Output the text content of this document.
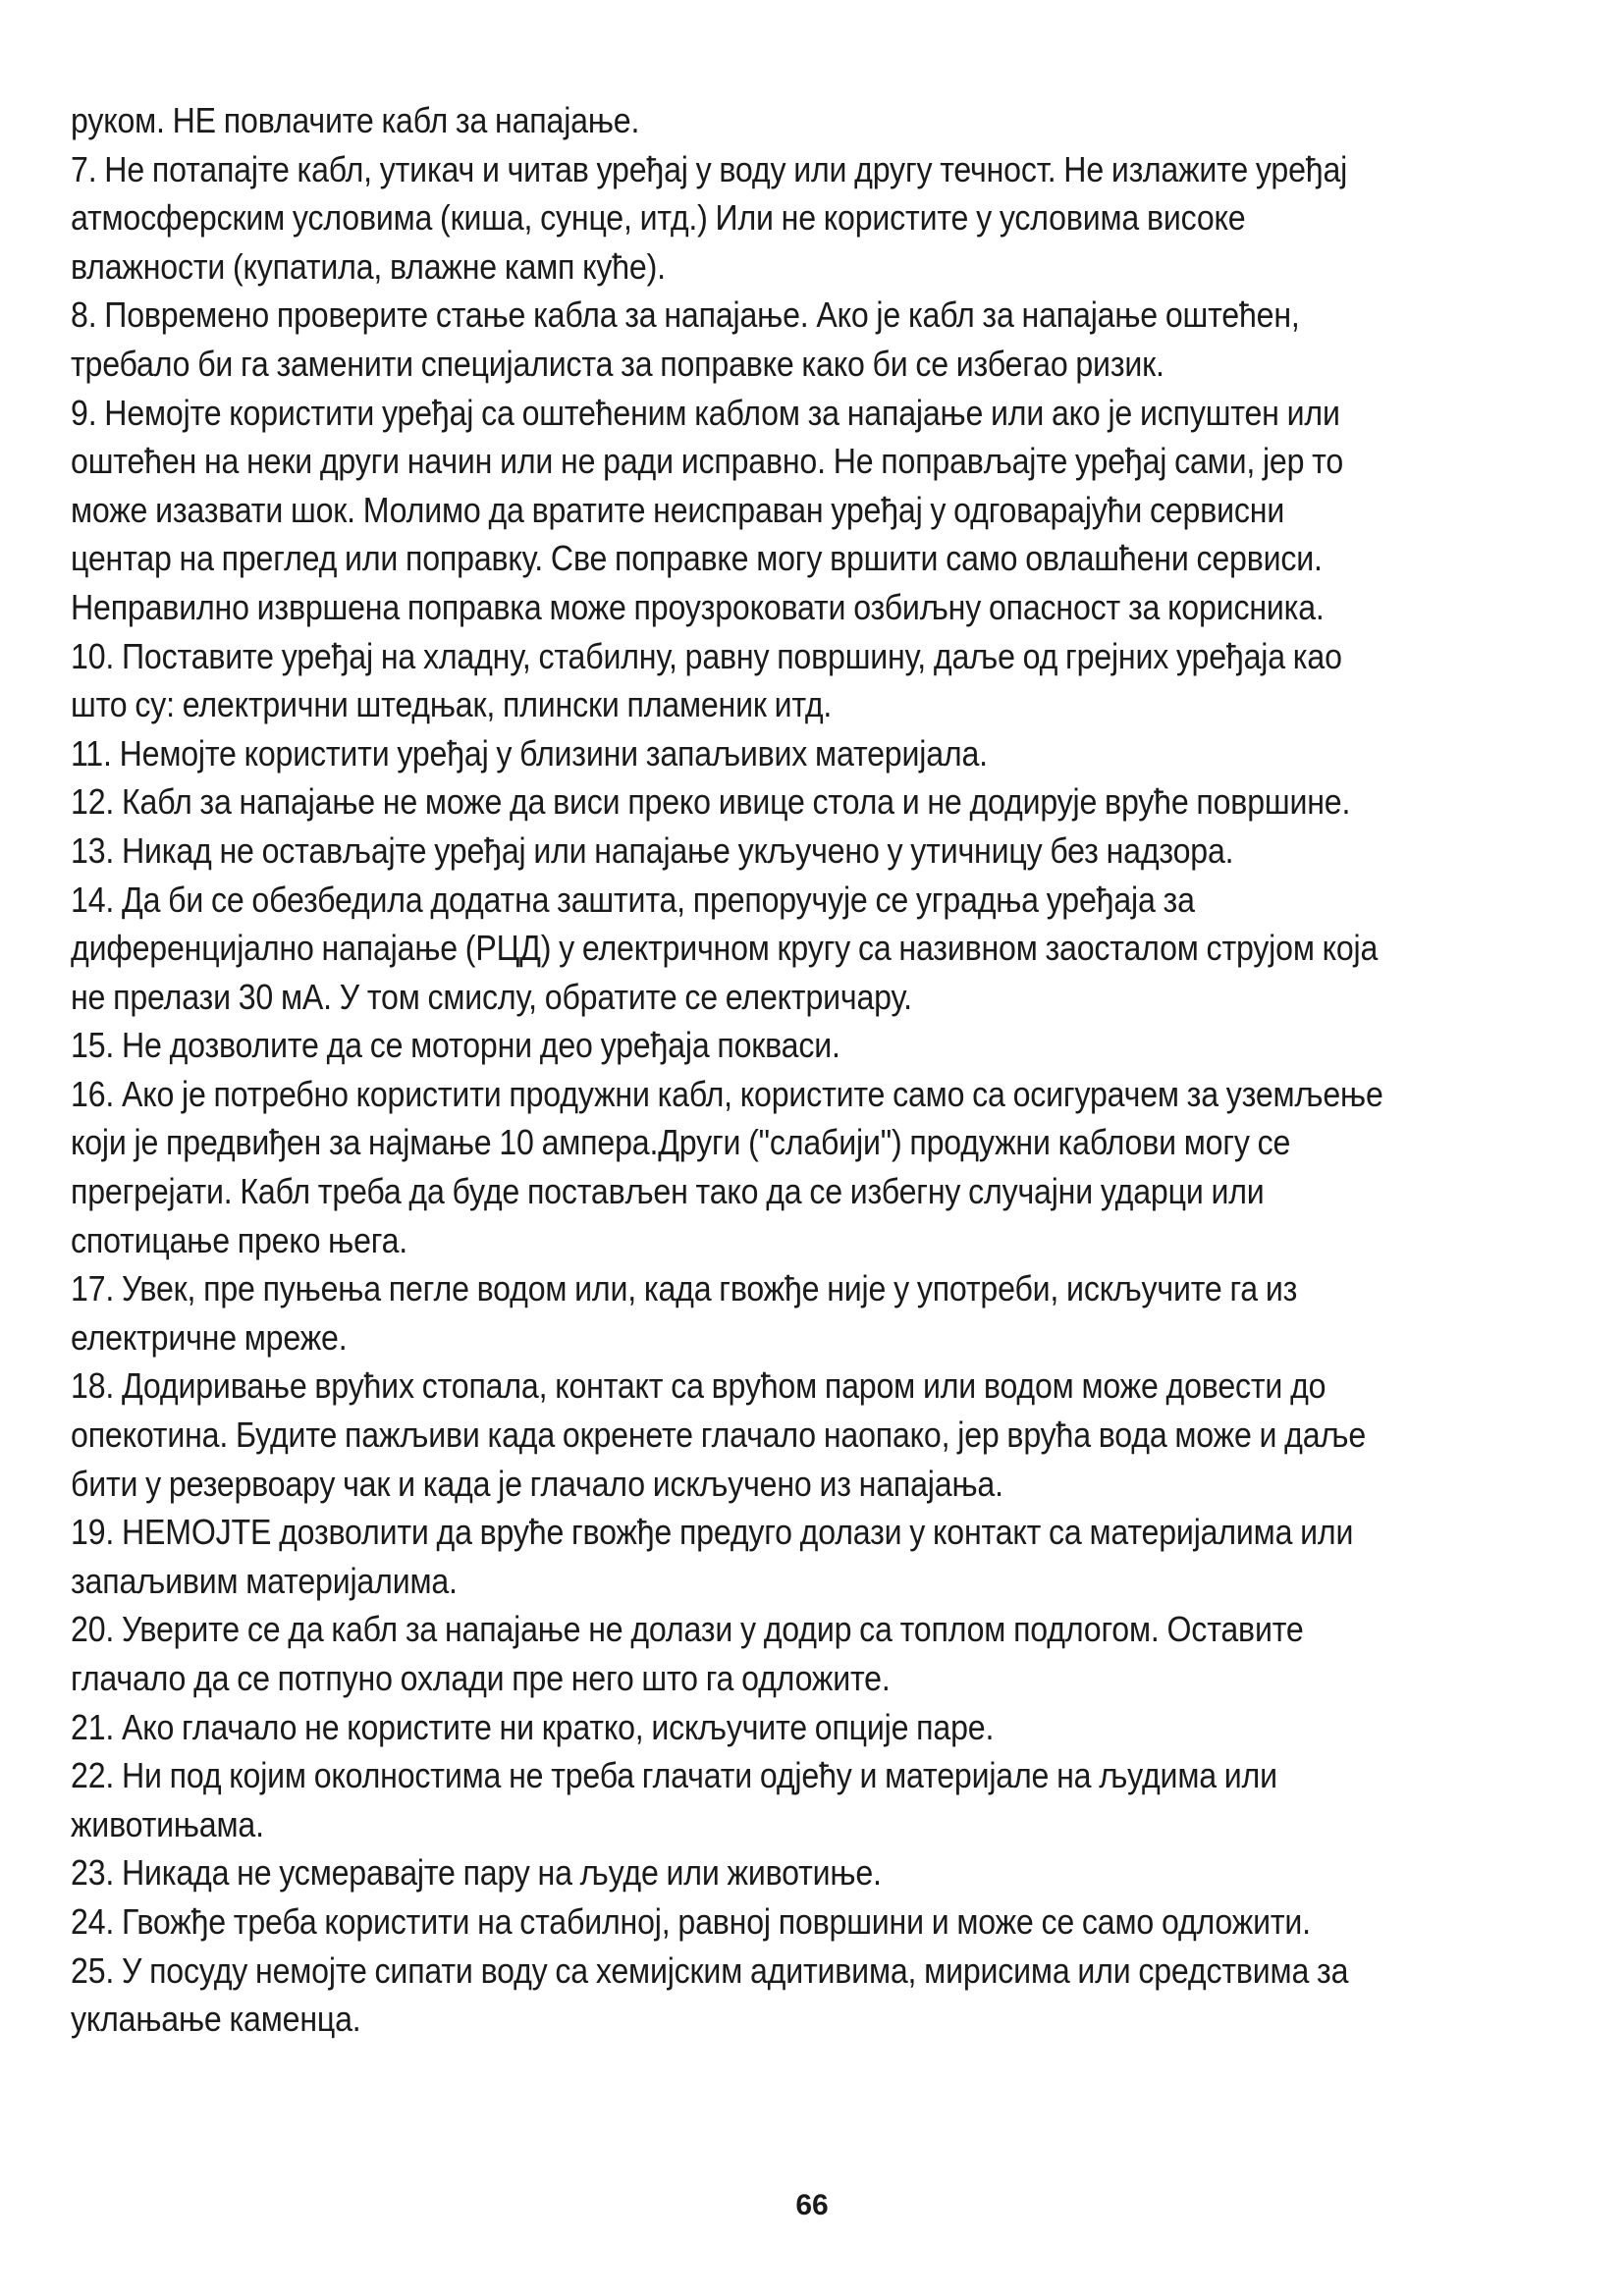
руком. НЕ повлачите кабл за напајање.

7. Не потапајте кабл, утикач и читав уређај у воду или другу течност. Не излажите уређај атмосферским условима (киша, сунце, итд.) Или не користите у условима високе влажности (купатила, влажне камп куће).

8. Повремено проверите стање кабла за напајање. Ако је кабл за напајање оштећен, требало би га заменити специјалиста за поправке како би се избегао ризик.

9. Немојте користити уређај са оштећеним каблом за напајање или ако је испуштен или оштећен на неки други начин или не ради исправно. Не поправљајте уређај сами, јер то може изазвати шок. Молимо да вратите неисправан уређај у одговарајући сервисни центар на преглед или поправку. Све поправке могу вршити само овлашћени сервиси. Неправилно извршена поправка може проузроковати озбиљну опасност за корисника.

10. Поставите уређај на хладну, стабилну, равну површину, даље од грејних уређаја као што су: електрични штедњак, плински пламеник итд.

11. Немојте користити уређај у близини запаљивих материјала.

12. Кабл за напајање не може да виси преко ивице стола и не додирује вруће површине.

13. Никад не остављајте уређај или напајање укључено у утичницу без надзора.

14. Да би се обезбедила додатна заштита, препоручује се уградња уређаја за диференцијално напајање (РЦД) у електричном кругу са називном заосталом струјом која не прелази 30 мА. У том смислу, обратите се електричару.

15. Не дозволите да се моторни део уређаја покваси.

16. Ако је потребно користити продужни кабл, користите само са осигурачем за уземљење који је предвиђен за најмање 10 ампера.Други ("слабији") продужни каблови могу се прегрејати. Кабл треба да буде постављен тако да се избегну случајни ударци или спотицање преко њега.

17. Увек, пре пуњења пегле водом или, када гвожђе није у употреби, искључите га из електричне мреже.

18. Додиривање врућих стопала, контакт са врућом паром или водом може довести до опекотина. Будите пажљиви када окренете глачало наопако, јер врућа вода може и даље бити у резервоару чак и када је глачало искључено из напајања.

19. НЕМОЈТЕ дозволити да вруће гвожђе предуго долази у контакт са материјалима или запаљивим материјалима.

20. Уверите се да кабл за напајање не долази у додир са топлом подлогом. Оставите глачало да се потпуно охлади пре него што га одложите.

21. Ако глачало не користите ни кратко, искључите опције паре.

22. Ни под којим околностима не треба глачати одјећу и материјале на људима или животињама.

23. Никада не усмеравајте пару на људе или животиње.

24. Гвожђе треба користити на стабилној, равној површини и може се само одложити.

25. У посуду немојте сипати воду са хемијским адитивима, мирисима или средствима за уклањање каменца.

66
